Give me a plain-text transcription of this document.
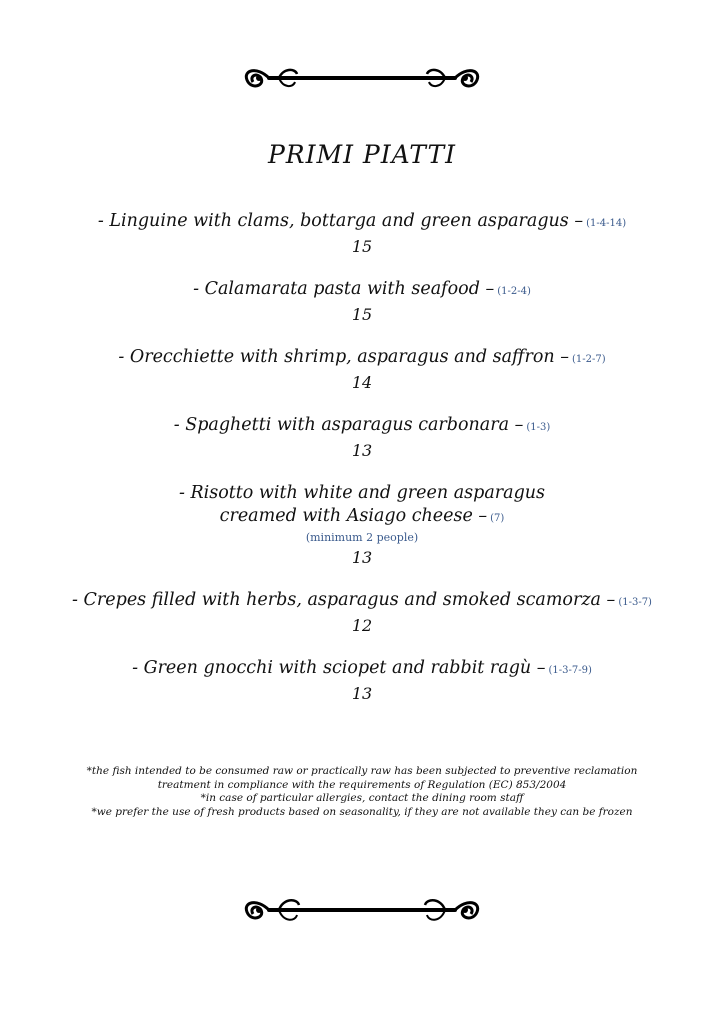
PRIMI PIATTI
- Linguine with clams, bottarga and green asparagus – (1-4-14)
15
- Calamarata pasta with seafood – (1-2-4)
15
- Orecchiette with shrimp, asparagus and saffron – (1-2-7)
14
- Spaghetti with asparagus carbonara – (1-3)
13
- Risotto with white and green asparagus
creamed with Asiago cheese – (7)
(minimum 2 people)
13
- Crepes filled with herbs, asparagus and smoked scamorza – (1-3-7)
12
- Green gnocchi with sciopet and rabbit ragù – (1-3-7-9)
13
*the fish intended to be consumed raw or practically raw has been subjected to preventive reclamation
treatment in compliance with the requirements of Regulation (EC) 853/2004
*in case of particular allergies, contact the dining room staff
*we prefer the use of fresh products based on seasonality, if they are not available they can be frozen
